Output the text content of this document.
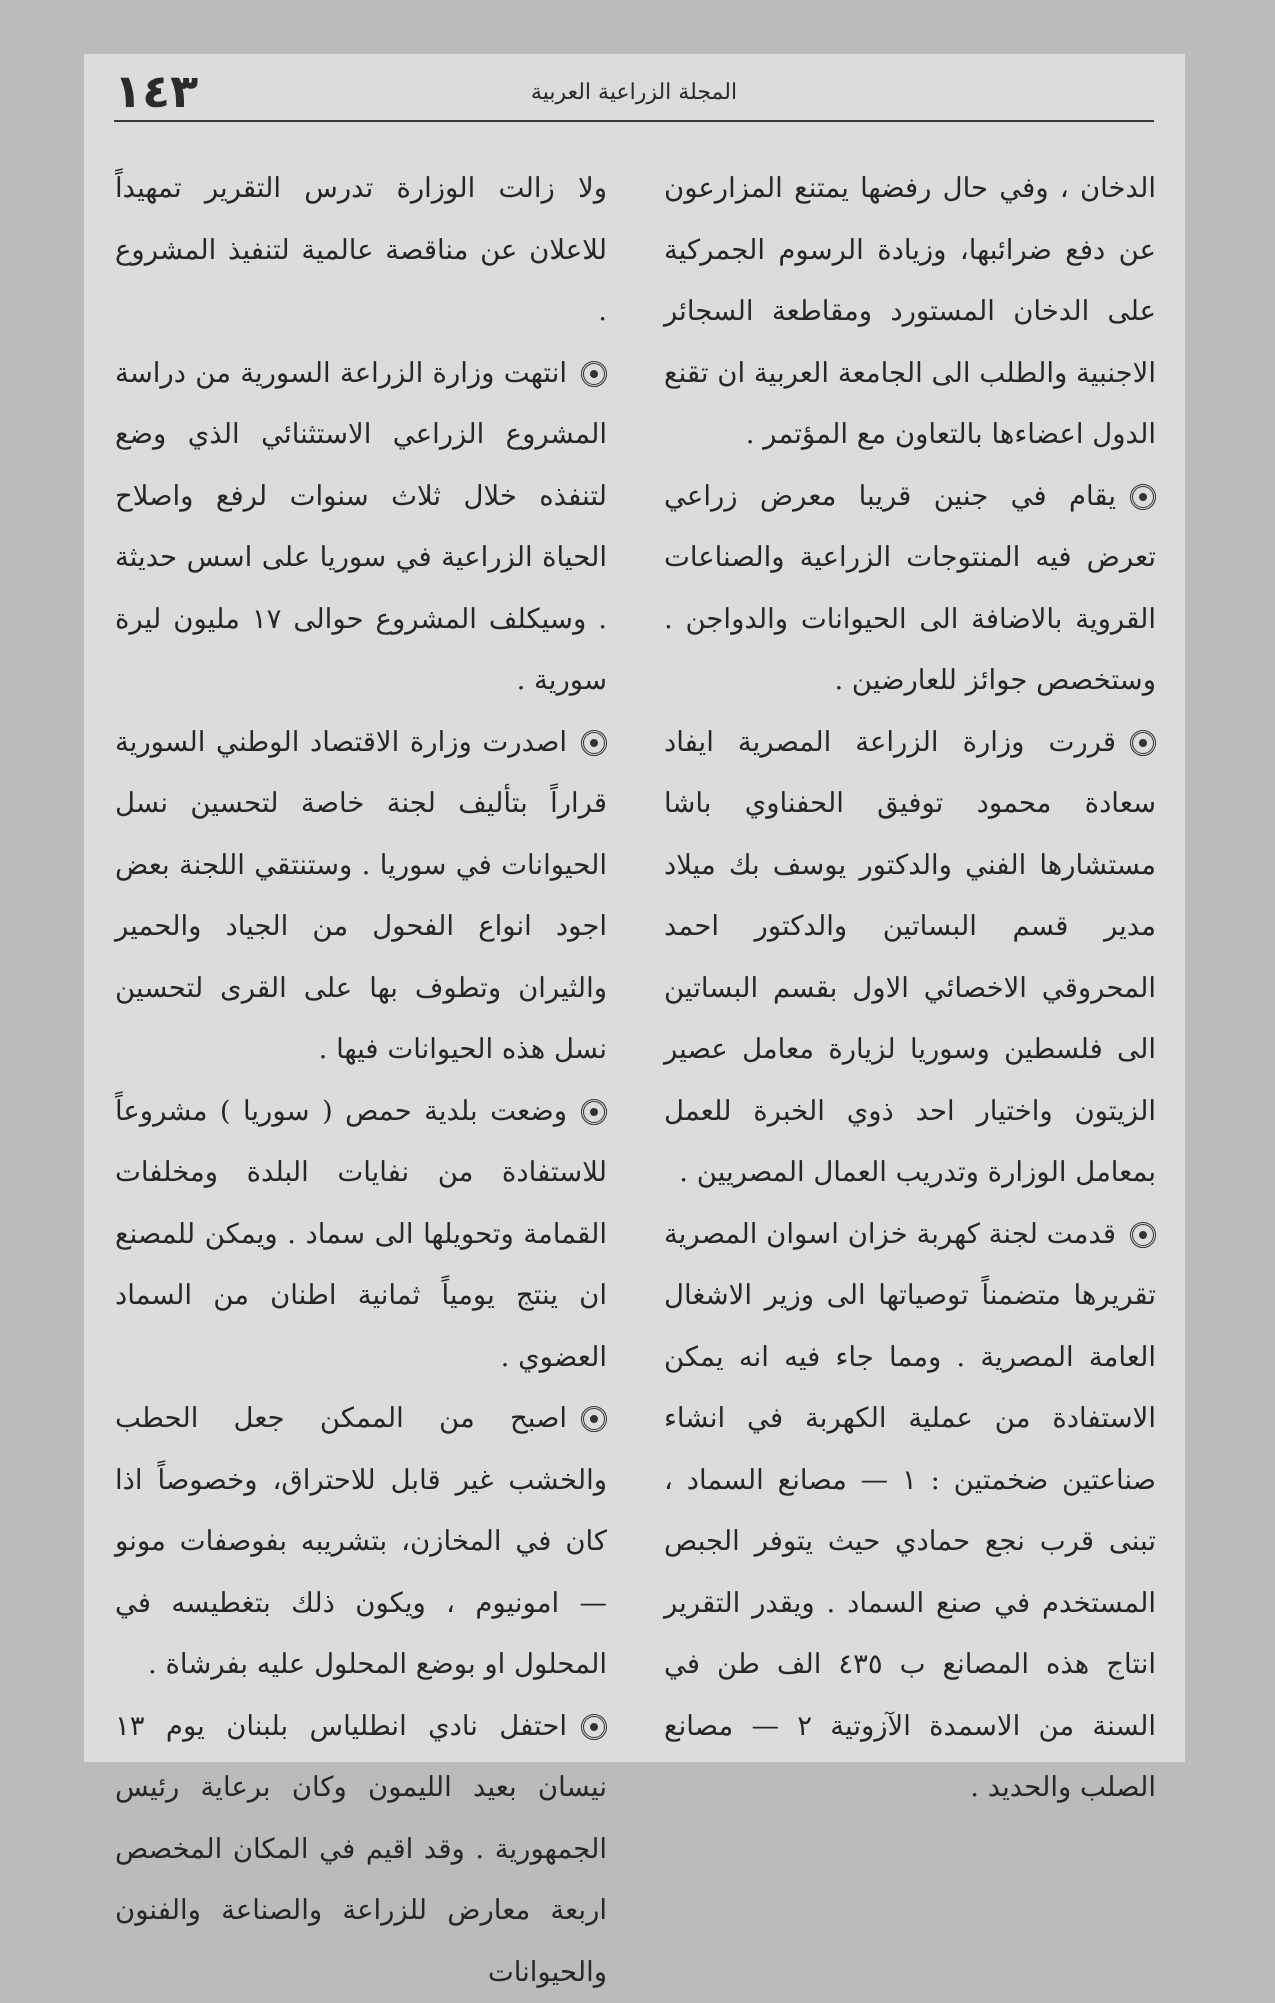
١٤٣	المجلة الزراعية العربية

الدخان ، وفي حال رفضها يمتنع المزارعون عن دفع ضرائبها، وزيادة الرسوم الجمركية على الدخان المستورد ومقاطعة السجائر الاجنبية والطلب الى الجامعة العربية ان تقنع الدول اعضاءها بالتعاون مع المؤتمر .

يقام في جنين قريبا معرض زراعي تعرض فيه المنتوجات الزراعية والصناعات القروية بالاضافة الى الحيوانات والدواجن . وستخصص جوائز للعارضين .

قررت وزارة الزراعة المصرية ايفاد سعادة محمود توفيق الحفناوي باشا مستشارها الفني والدكتور يوسف بك ميلاد مدير قسم البساتين والدكتور احمد المحروقي الاخصائي الاول بقسم البساتين الى فلسطين وسوريا لزيارة معامل عصير الزيتون واختيار احد ذوي الخبرة للعمل بمعامل الوزارة وتدريب العمال المصريين .

قدمت لجنة كهربة خزان اسوان المصرية تقريرها متضمناً توصياتها الى وزير الاشغال العامة المصرية . ومما جاء فيه انه يمكن الاستفادة من عملية الكهربة في انشاء صناعتين ضخمتين : ١ — مصانع السماد ، تبنى قرب نجع حمادي حيث يتوفر الجبص المستخدم في صنع السماد . ويقدر التقرير انتاج هذه المصانع ب ٤٣٥ الف طن في السنة من الاسمدة الآزوتية ٢ — مصانع الصلب والحديد .

ولا زالت الوزارة تدرس التقرير تمهيداً للاعلان عن مناقصة عالمية لتنفيذ المشروع .

انتهت وزارة الزراعة السورية من دراسة المشروع الزراعي الاستثنائي الذي وضع لتنفذه خلال ثلاث سنوات لرفع واصلاح الحياة الزراعية في سوريا على اسس حديثة . وسيكلف المشروع حوالى ١٧ مليون ليرة سورية .

اصدرت وزارة الاقتصاد الوطني السورية قراراً بتأليف لجنة خاصة لتحسين نسل الحيوانات في سوريا . وستنتقي اللجنة بعض اجود انواع الفحول من الجياد والحمير والثيران وتطوف بها على القرى لتحسين نسل هذه الحيوانات فيها .

وضعت بلدية حمص ( سوريا ) مشروعاً للاستفادة من نفايات البلدة ومخلفات القمامة وتحويلها الى سماد . ويمكن للمصنع ان ينتج يومياً ثمانية اطنان من السماد العضوي .

اصبح من الممكن جعل الحطب والخشب غير قابل للاحتراق، وخصوصاً اذا كان في المخازن، بتشريبه بفوصفات مونو — امونيوم ، ويكون ذلك بتغطيسه في المحلول او بوضع المحلول عليه بفرشاة .

احتفل نادي انطلياس بلبنان يوم ١٣ نيسان بعيد الليمون وكان برعاية رئيس الجمهورية . وقد اقيم في المكان المخصص اربعة معارض للزراعة والصناعة والفنون والحيوانات
